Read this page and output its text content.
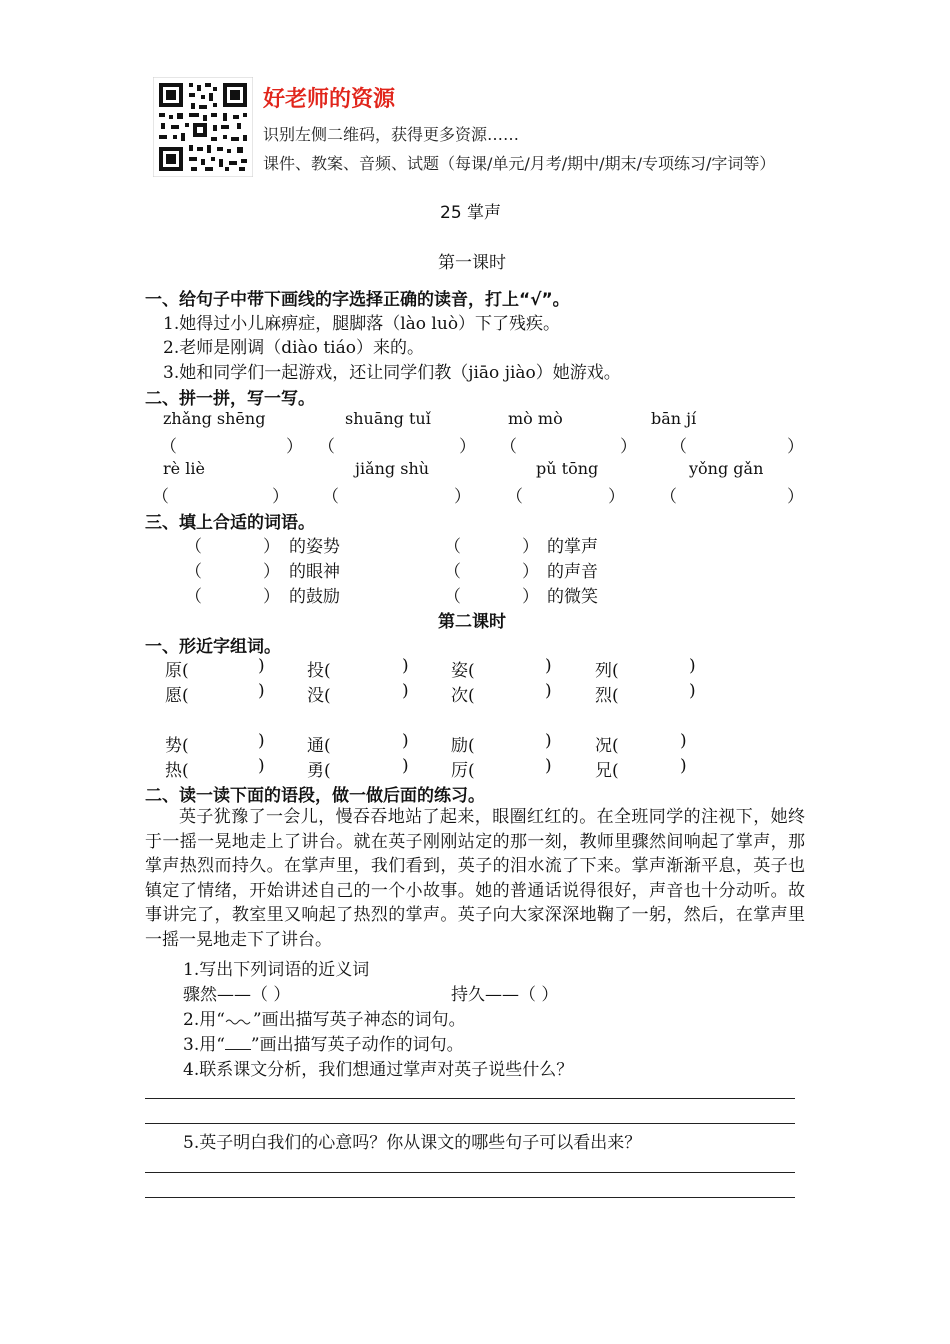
好老师的资源
识别左侧二维码，获得更多资源……
课件、教案、音频、试题（每课/单元/月考/期中/期末/专项练习/字词等）
25 掌声
第一课时
一、给句子中带下画线的字选择正确的读音，打上“√”。
1.她得过小儿麻痹症，腿脚落（lào luò）下了残疾。
2.老师是刚调（diào tiáo）来的。
3.她和同学们一起游戏，还让同学们教（jiāo jiào）她游戏。
二、拼一拼，写一写。
zhǎng shēng	shuāng tuǐ	mò mò	bān jí
（	） （	） （	） （	）
rè liè	jiǎng shù	pǔ tōng	yǒng gǎn
（	） （	） （	） （	）
三、填上合适的词语。
（	） 的姿势	（	） 的掌声
（	） 的眼神	（	） 的声音
（	） 的鼓励	（	） 的微笑
第二课时
一、形近字组词。
原(	) 投(	) 姿(	)	列(	)
愿(	) 没(	) 次(	)	烈(	)
势(	) 通(	) 励(	)	况(	)
热(	) 勇(	) 厉(	)	兄(	)
二、读一读下面的语段，做一做后面的练习。
英子犹豫了一会儿，慢吞吞地站了起来，眼圈红红的。在全班同学的注视下，她终于一摇一晃地走上了讲台。就在英子刚刚站定的那一刻，教师里骤然间响起了掌声，那掌声热烈而持久。在掌声里，我们看到，英子的泪水流了下来。掌声渐渐平息，英子也镇定了情绪，开始讲述自己的一个小故事。她的普通话说得很好，声音也十分动听。故事讲完了，教室里又响起了热烈的掌声。英子向大家深深地鞠了一躬，然后，在掌声里一摇一晃地走下了讲台。
1.写出下列词语的近义词
骤然——（ ）	持久——（ ）
2.用“ ”画出描写英子神态的词句。
3.用“ ”画出描写英子动作的词句。
4.联系课文分析，我们想通过掌声对英子说些什么？
5.英子明白我们的心意吗？你从课文的哪些句子可以看出来？
